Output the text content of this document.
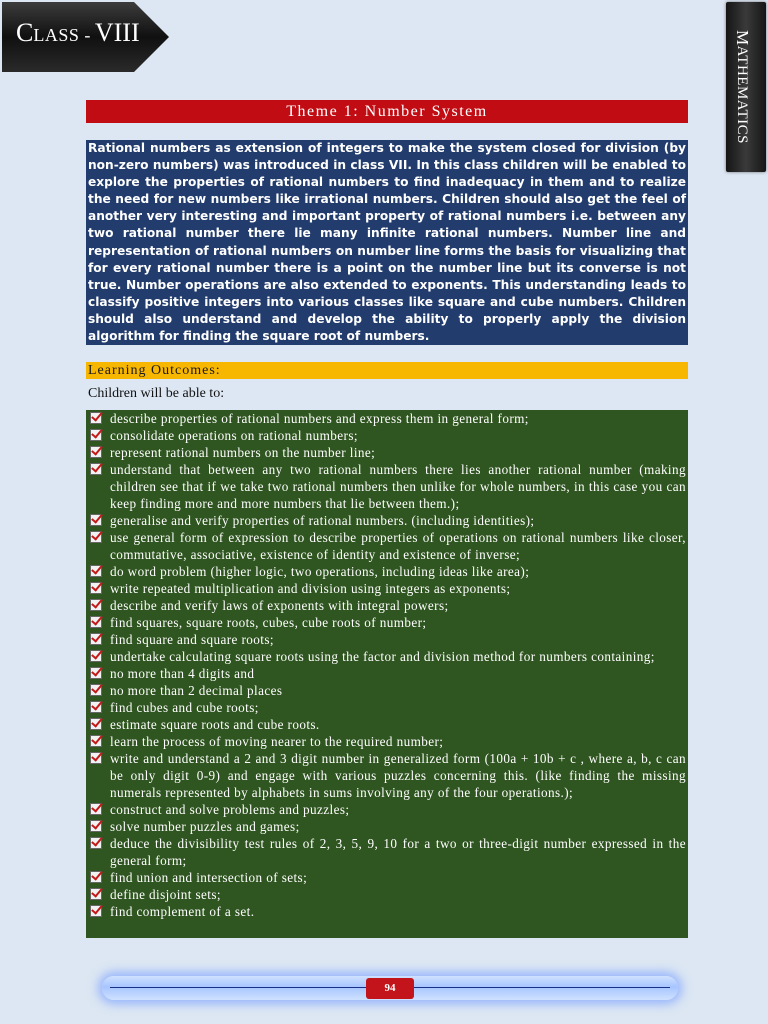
CLASS - VIII	MATHEMATICS
Theme 1: Number System
Rational numbers as extension of integers to make the system closed for division (by non-zero numbers) was introduced in class VII. In this class children will be enabled to explore the properties of rational numbers to find inadequacy in them and to realize the need for new numbers like irrational numbers. Children should also get the feel of another very interesting and important property of rational numbers i.e. between any two rational number there lie many infinite rational numbers. Number line and representation of rational numbers on number line forms the basis for visualizing that for every rational number there is a point on the number line but its converse is not true. Number operations are also extended to exponents. This understanding leads to classify positive integers into various classes like square and cube numbers. Children should also understand and develop the ability to properly apply the division algorithm for finding the square root of numbers.
Learning Outcomes:
Children will be able to:
describe properties of rational numbers and express them in general form;
consolidate operations on rational numbers;
represent rational numbers on the number line;
understand that between any two rational numbers there lies another rational number (making children see that if we take two rational numbers then unlike for whole numbers, in this case you can keep finding more and more numbers that lie between them.);
generalise and verify properties of rational numbers. (including identities);
use general form of expression to describe properties of operations on rational numbers like closer, commutative, associative, existence of identity and existence of inverse;
do word problem (higher logic, two operations, including ideas like area);
write repeated multiplication and division using integers as exponents;
describe and verify laws of exponents with integral powers;
find squares, square roots, cubes, cube roots of number;
find square and square roots;
undertake calculating square roots using the factor and division method for numbers containing;
no more than 4 digits and
no more than 2 decimal places
find cubes and cube roots;
estimate square roots and cube roots.
learn the process of moving nearer to the required number;
write and understand a 2 and 3 digit number in generalized form (100a + 10b + c , where a, b, c can be only digit 0-9) and engage with various puzzles concerning this. (like finding the missing numerals represented by alphabets in sums involving any of the four operations.);
construct and solve problems and puzzles;
solve number puzzles and games;
deduce the divisibility test rules of 2, 3, 5, 9, 10 for a two or three-digit number expressed in the general form;
find union and intersection of sets;
define disjoint sets;
find complement of a set.
94
